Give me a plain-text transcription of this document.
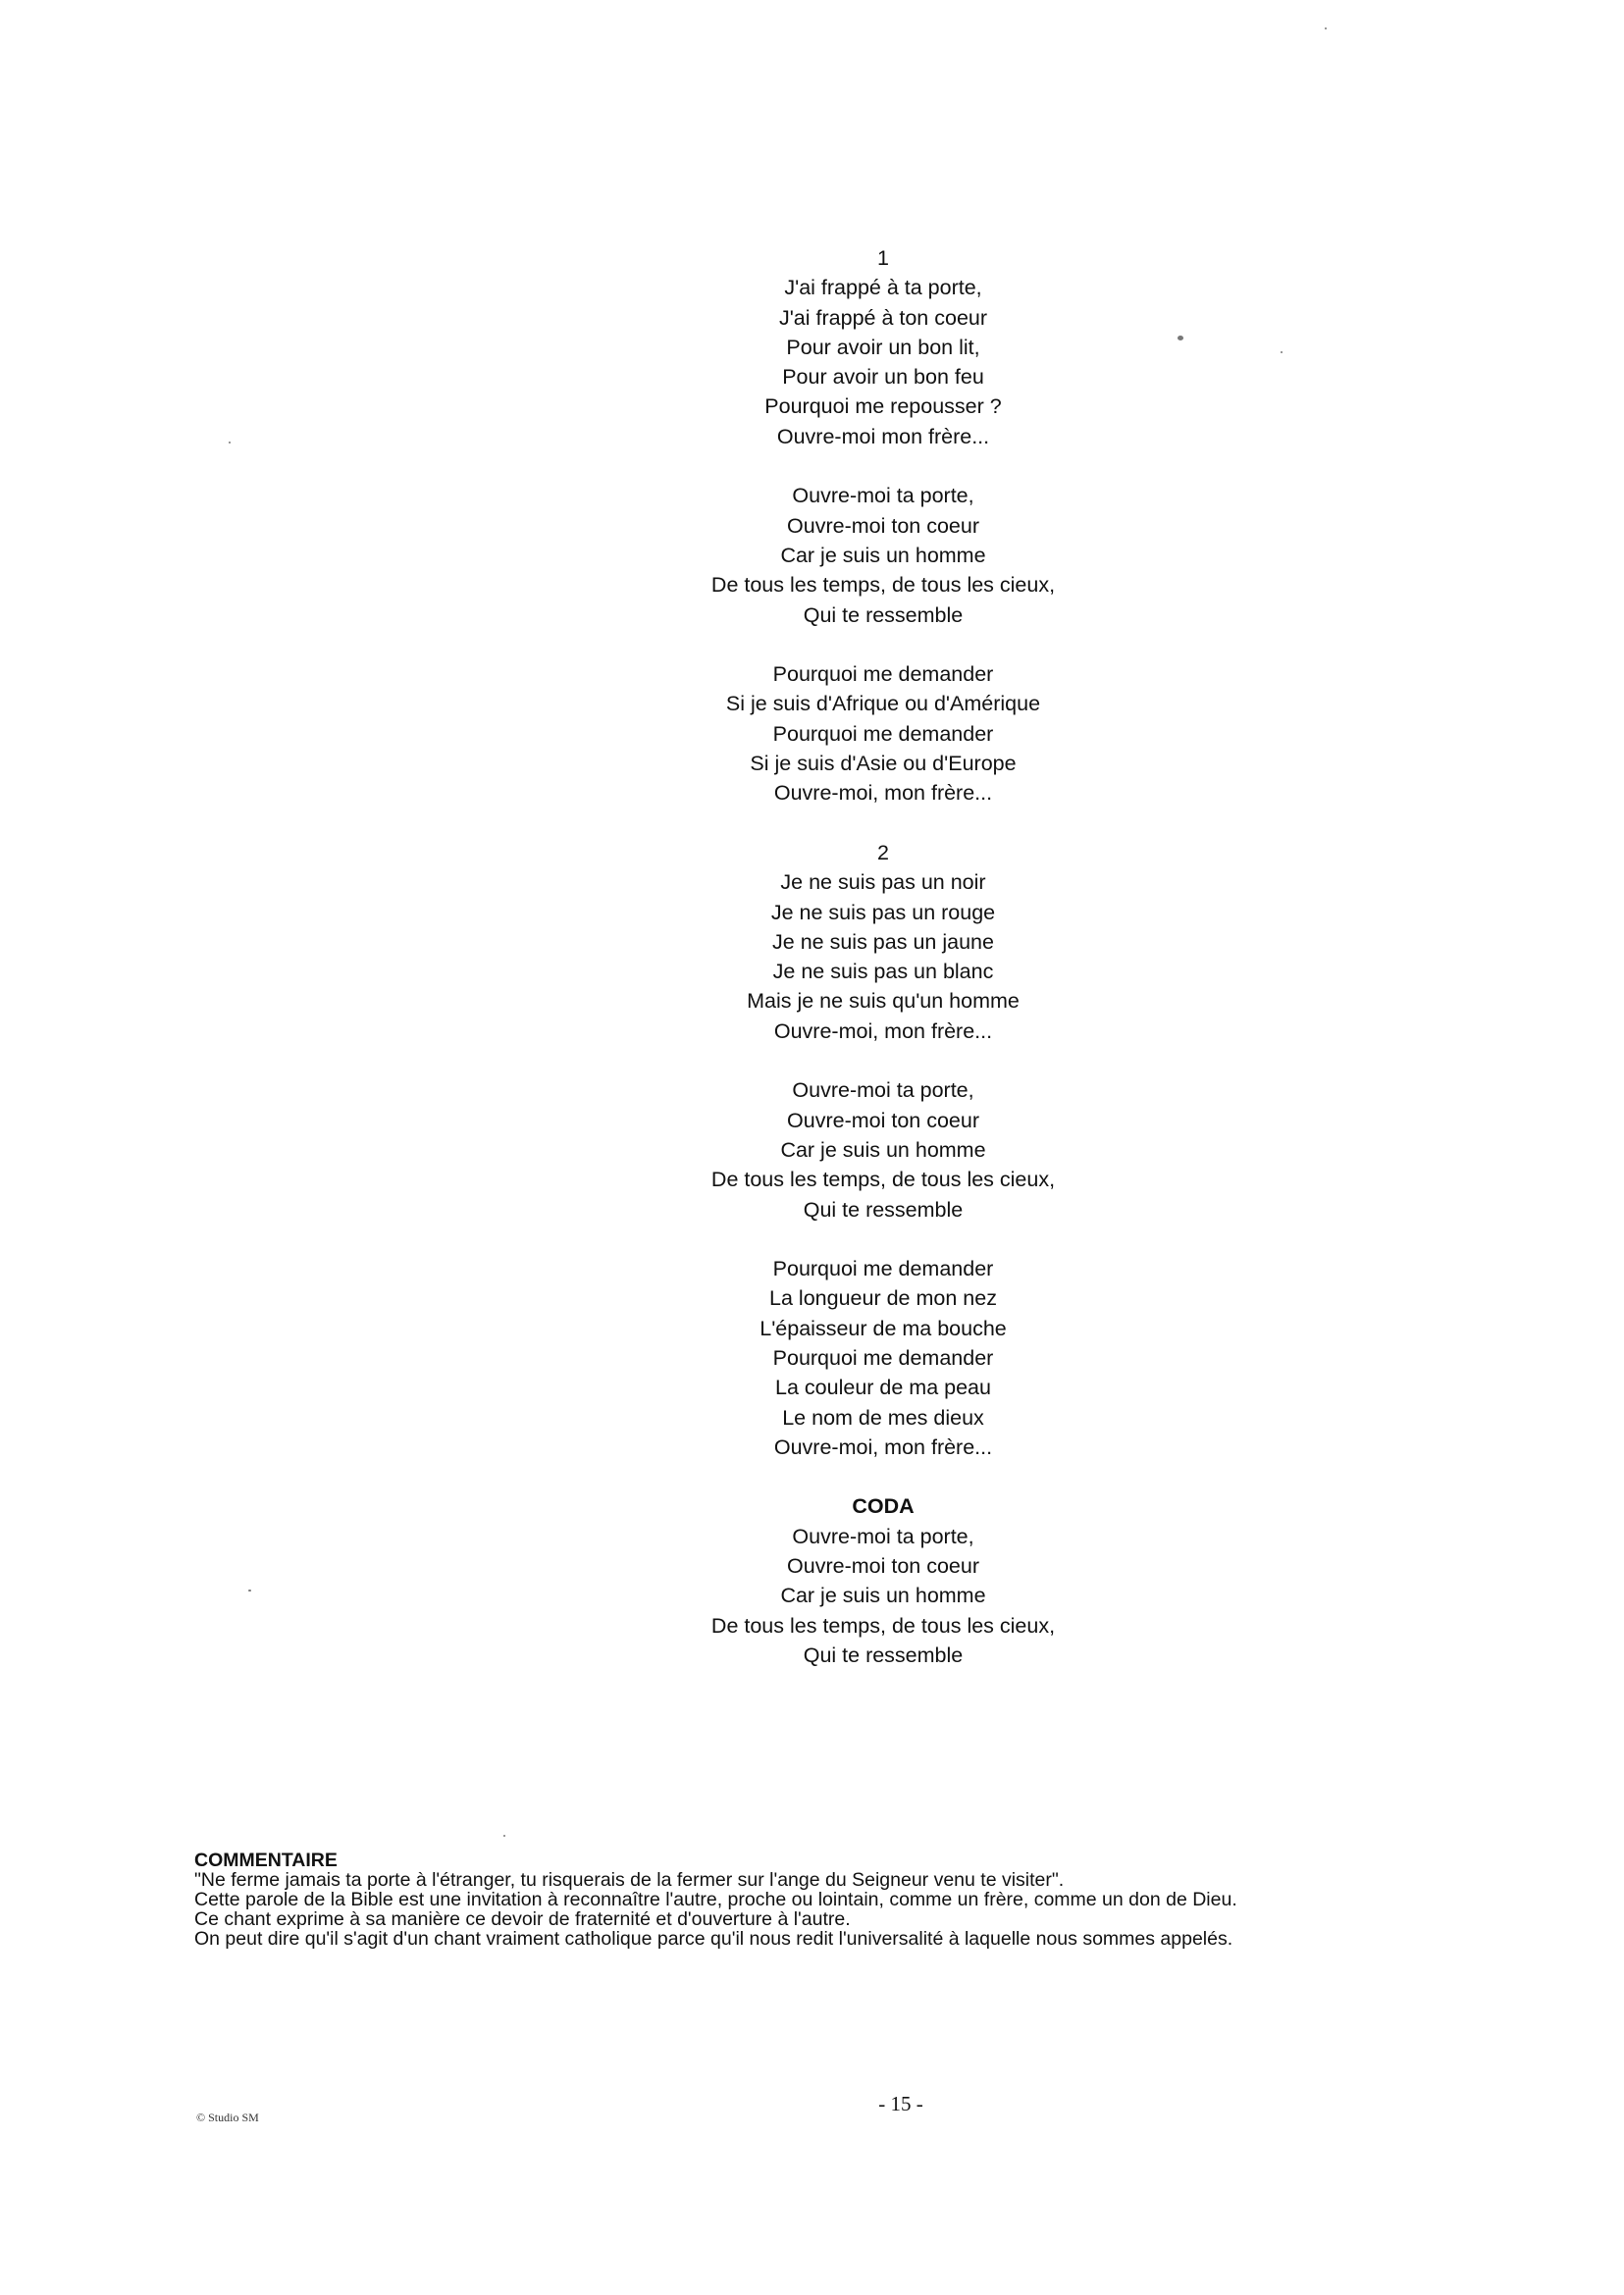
1
J'ai frappé à ta porte,
J'ai frappé à ton coeur
Pour avoir un bon lit,
Pour avoir un bon feu
Pourquoi me repousser ?
Ouvre-moi mon frère...
Ouvre-moi ta porte,
Ouvre-moi ton coeur
Car je suis un homme
De tous les temps, de tous les cieux,
Qui te ressemble
Pourquoi me demander
Si je suis d'Afrique ou d'Amérique
Pourquoi me demander
Si je suis d'Asie ou d'Europe
Ouvre-moi, mon frère...
2
Je ne suis pas un noir
Je ne suis pas un rouge
Je ne suis pas un jaune
Je ne suis pas un blanc
Mais je ne suis qu'un homme
Ouvre-moi, mon frère...
Ouvre-moi ta porte,
Ouvre-moi ton coeur
Car je suis un homme
De tous les temps, de tous les cieux,
Qui te ressemble
Pourquoi me demander
La longueur de mon nez
L'épaisseur de ma bouche
Pourquoi me demander
La couleur de ma peau
Le nom de mes dieux
Ouvre-moi, mon frère...
CODA
Ouvre-moi ta porte,
Ouvre-moi ton coeur
Car je suis un homme
De tous les temps, de tous les cieux,
Qui te ressemble
COMMENTAIRE
"Ne ferme jamais ta porte à l'étranger, tu risquerais de la fermer sur l'ange du Seigneur venu te visiter".
Cette parole de la Bible est une invitation à reconnaître l'autre, proche ou lointain, comme un frère, comme un don de Dieu.
Ce chant exprime à sa manière ce devoir de fraternité et d'ouverture à l'autre.
On peut dire qu'il s'agit d'un chant vraiment catholique parce qu'il nous redit l'universalité à laquelle nous sommes appelés.
- 15 -
© Studio SM
